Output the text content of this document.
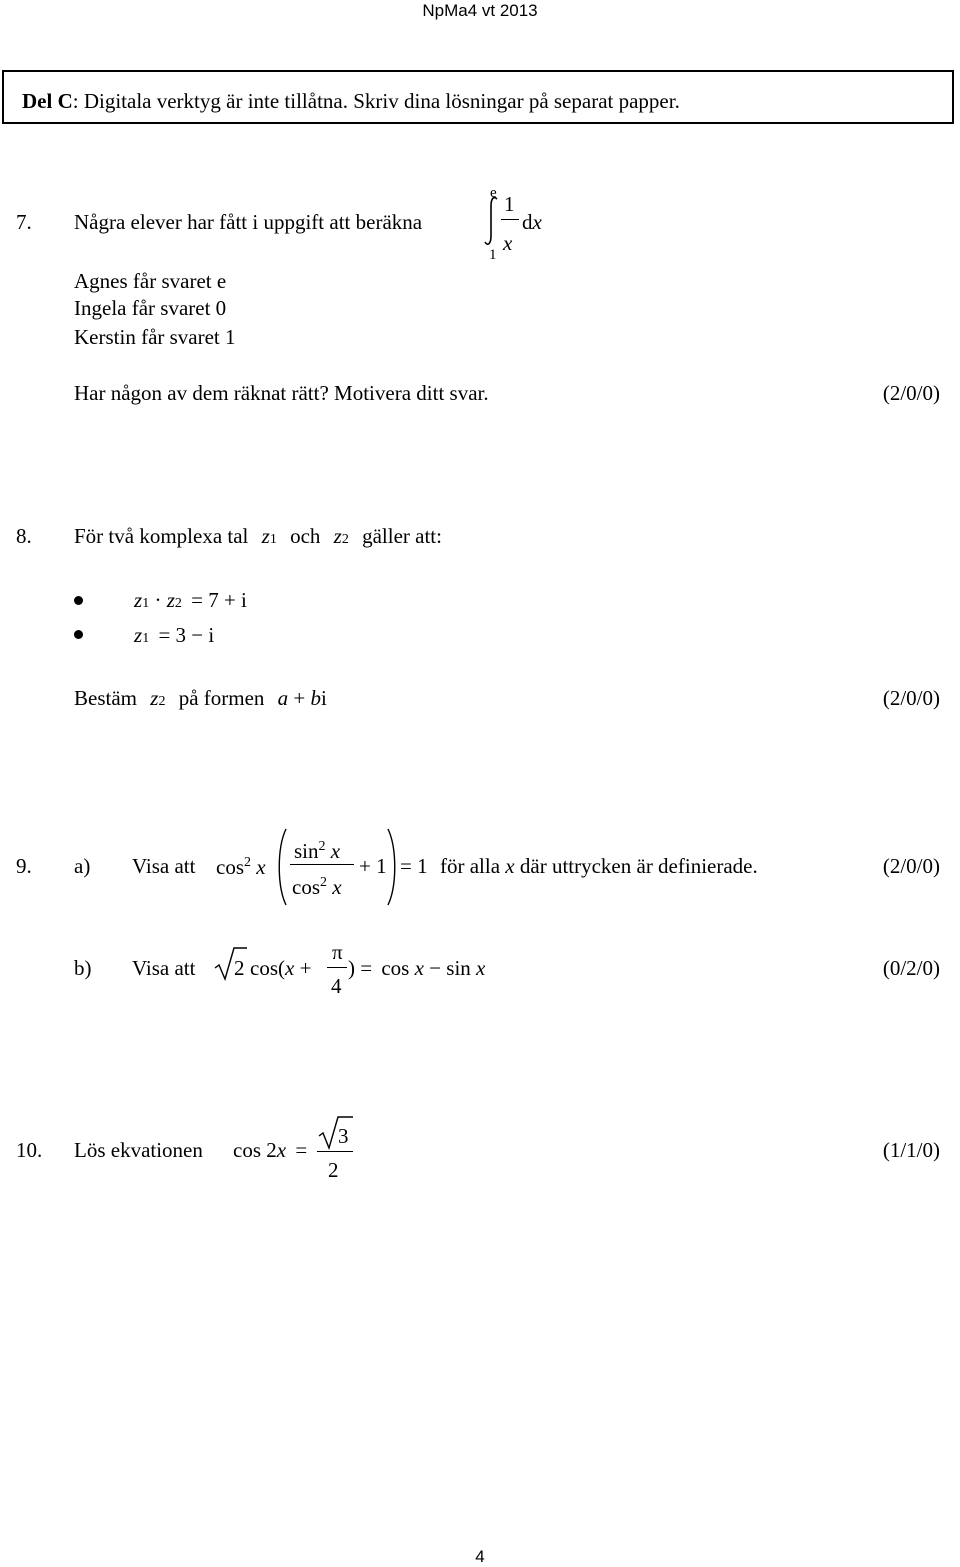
NpMa4 vt 2013
Del C: Digitala verktyg är inte tillåtna. Skriv dina lösningar på separat papper.
7. Några elever har fått i uppgift att beräkna
e
1
1
x
dx
Agnes får svaret e
Ingela får svaret 0
Kerstin får svaret 1
Har någon av dem räknat rätt? Motivera ditt svar.	(2/0/0)
8. För två komplexa tal z1 och z2 gäller att:
z1 · z2 = 7 + i
z1 = 3 − i
Bestäm z2 på formen a + bi	(2/0/0)
9. a) Visa att $\cos^2 x$
$\sin^2 x$
$\cos^2 x$
+ 1 = 1 för alla x där uttrycken är definierade.	(2/0/0)
b) Visa att 2 cos(x +
π
4
) = cos x − sin x	(0/2/0)
10. Lös ekvationen cos 2x =
3
2
(1/1/0)
4
